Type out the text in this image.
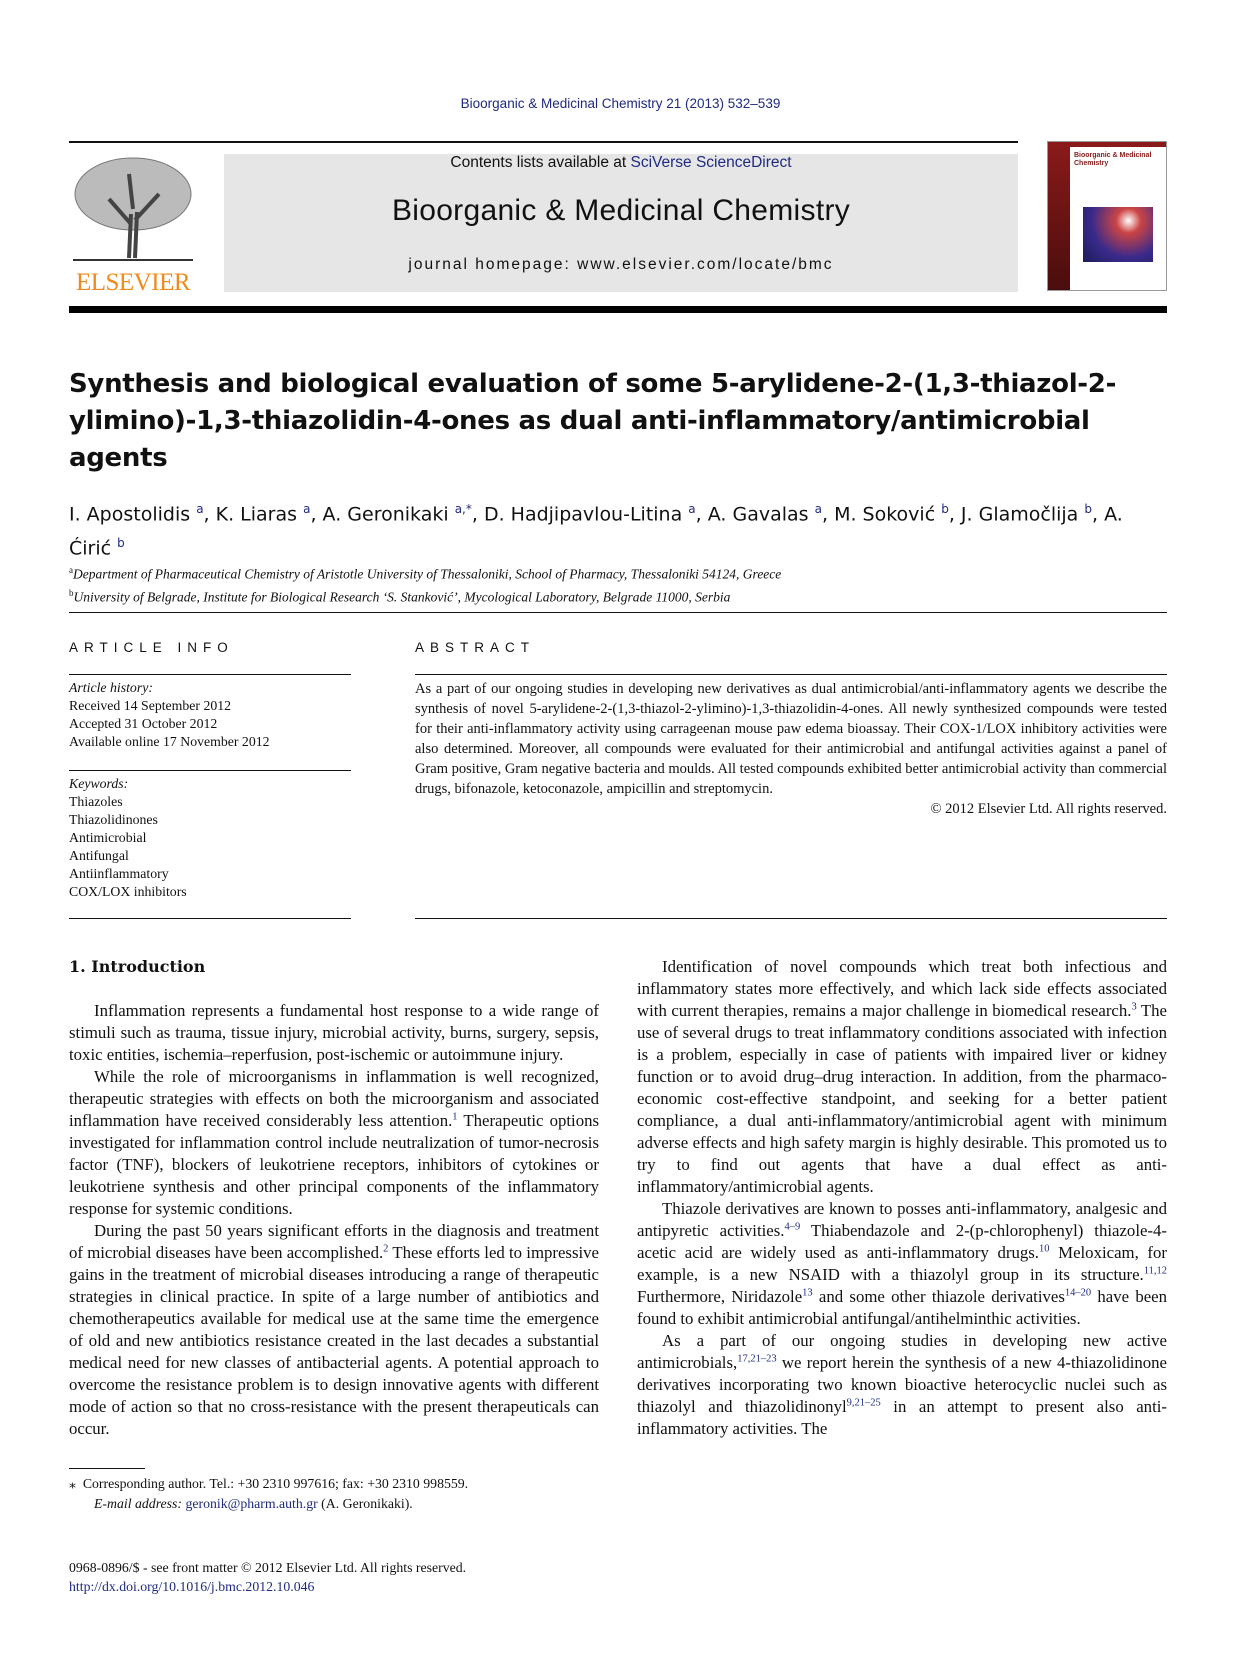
Bioorganic & Medicinal Chemistry 21 (2013) 532–539
ELSEVIER
Contents lists available at SciVerse ScienceDirect
Bioorganic & Medicinal Chemistry
journal homepage: www.elsevier.com/locate/bmc
Bioorganic & Medicinal Chemistry
Synthesis and biological evaluation of some 5-arylidene-2-(1,3-thiazol-2-ylimino)-1,3-thiazolidin-4-ones as dual anti-inflammatory/antimicrobial agents
I. Apostolidis $^a$, K. Liaras $^a$, A. Geronikaki $^{a,*}$, D. Hadjipavlou-Litina $^a$, A. Gavalas $^a$, M. Soković $^b$, J. Glamočlija $^b$, A. Ćirić $^b$
$^a$Department of Pharmaceutical Chemistry of Aristotle University of Thessaloniki, School of Pharmacy, Thessaloniki 54124, Greece
$^b$University of Belgrade, Institute for Biological Research ‘S. Stanković’, Mycological Laboratory, Belgrade 11000, Serbia
ARTICLE INFO	ABSTRACT
Article history:
Received 14 September 2012
Accepted 31 October 2012
Available online 17 November 2012
Keywords:
Thiazoles
Thiazolidinones
Antimicrobial
Antifungal
Antiinflammatory
COX/LOX inhibitors

As a part of our ongoing studies in developing new derivatives as dual antimicrobial/anti-inflammatory agents we describe the synthesis of novel 5-arylidene-2-(1,3-thiazol-2-ylimino)-1,3-thiazolidin-4-ones. All newly synthesized compounds were tested for their anti-inflammatory activity using carrageenan mouse paw edema bioassay. Their COX-1/LOX inhibitory activities were also determined. Moreover, all compounds were evaluated for their antimicrobial and antifungal activities against a panel of Gram positive, Gram negative bacteria and moulds. All tested compounds exhibited better antimicrobial activity than commercial drugs, bifonazole, ketoconazole, ampicillin and streptomycin.

© 2012 Elsevier Ltd. All rights reserved.

1. Introduction

Inflammation represents a fundamental host response to a wide range of stimuli such as trauma, tissue injury, microbial activity, burns, surgery, sepsis, toxic entities, ischemia–reperfusion, post-ischemic or autoimmune injury.

While the role of microorganisms in inflammation is well recognized, therapeutic strategies with effects on both the microorganism and associated inflammation have received considerably less attention.$^1$ Therapeutic options investigated for inflammation control include neutralization of tumor-necrosis factor (TNF), blockers of leukotriene receptors, inhibitors of cytokines or leukotriene synthesis and other principal components of the inflammatory response for systemic conditions.

During the past 50 years significant efforts in the diagnosis and treatment of microbial diseases have been accomplished.$^2$ These efforts led to impressive gains in the treatment of microbial diseases introducing a range of therapeutic strategies in clinical practice. In spite of a large number of antibiotics and chemotherapeutics available for medical use at the same time the emergence of old and new antibiotics resistance created in the last decades a substantial medical need for new classes of antibacterial agents. A potential approach to overcome the resistance problem is to design innovative agents with different mode of action so that no cross-resistance with the present therapeuticals can occur.

Identification of novel compounds which treat both infectious and inflammatory states more effectively, and which lack side effects associated with current therapies, remains a major challenge in biomedical research.$^3$ The use of several drugs to treat inflammatory conditions associated with infection is a problem, especially in case of patients with impaired liver or kidney function or to avoid drug–drug interaction. In addition, from the pharmaco-economic cost-effective standpoint, and seeking for a better patient compliance, a dual anti-inflammatory/antimicrobial agent with minimum adverse effects and high safety margin is highly desirable. This promoted us to try to find out agents that have a dual effect as anti-inflammatory/antimicrobial agents.

Thiazole derivatives are known to posses anti-inflammatory, analgesic and antipyretic activities.$^{4-9}$ Thiabendazole and 2-(p-chlorophenyl) thiazole-4-acetic acid are widely used as anti-inflammatory drugs.$^{10}$ Meloxicam, for example, is a new NSAID with a thiazolyl group in its structure.$^{11,12}$ Furthermore, Niridazole$^{13}$ and some other thiazole derivatives$^{14-20}$ have been found to exhibit antimicrobial antifungal/antihelminthic activities.

As a part of our ongoing studies in developing new active antimicrobials,$^{17,21-23}$ we report herein the synthesis of a new 4-thiazolidinone derivatives incorporating two known bioactive heterocyclic nuclei such as thiazolyl and thiazolidinonyl$^{9,21-25}$ in an attempt to present also anti-inflammatory activities. The

⁎ Corresponding author. Tel.: +30 2310 997616; fax: +30 2310 998559.
E-mail address: geronik@pharm.auth.gr (A. Geronikaki).
0968-0896/$ - see front matter © 2012 Elsevier Ltd. All rights reserved.
http://dx.doi.org/10.1016/j.bmc.2012.10.046
